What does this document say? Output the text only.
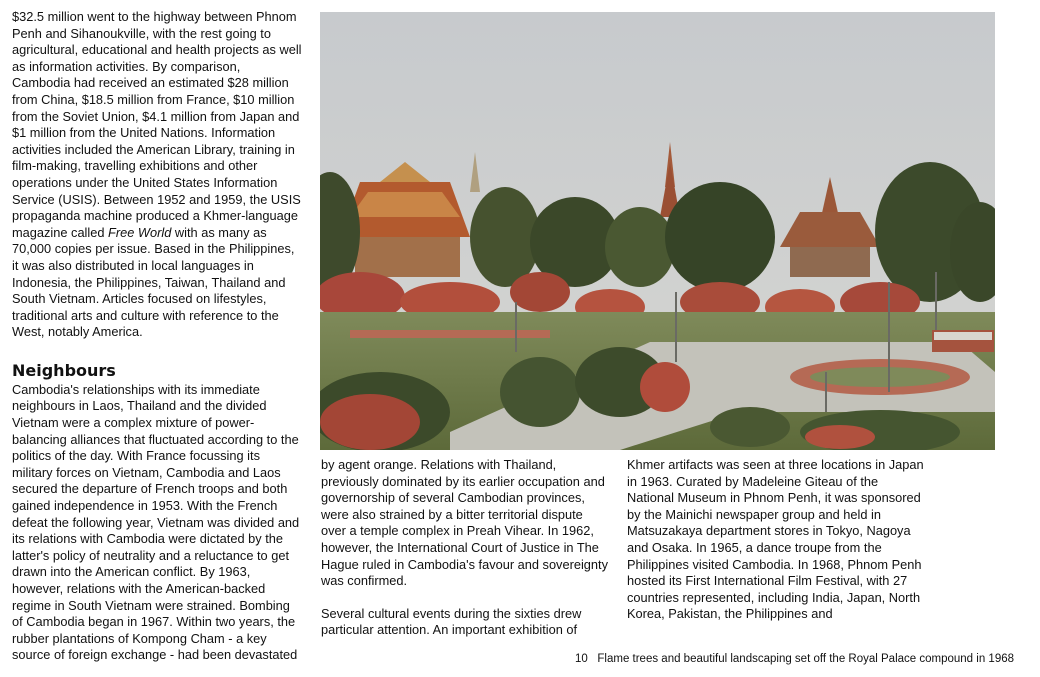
$32.5 million went to the highway between Phnom Penh and Sihanoukville, with the rest going to agricultural, educational and health projects as well as information activities. By comparison, Cambodia had received an estimated $28 million from China, $18.5 million from France, $10 million from the Soviet Union, $4.1 million from Japan and $1 million from the United Nations. Information activities included the American Library, training in film-making, travelling exhibitions and other operations under the United States Information Service (USIS). Between 1952 and 1959, the USIS propaganda machine produced a Khmer-language magazine called Free World with as many as 70,000 copies per issue. Based in the Philippines, it was also distributed in local languages in Indonesia, the Philippines, Taiwan, Thailand and South Vietnam. Articles focused on lifestyles, traditional arts and culture with reference to the West, notably America.

Neighbours

Cambodia's relationships with its immediate neighbours in Laos, Thailand and the divided Vietnam were a complex mixture of power-balancing alliances that fluctuated according to the politics of the day. With France focussing its military forces on Vietnam, Cambodia and Laos secured the departure of French troops and both gained independence in 1953. With the French defeat the following year, Vietnam was divided and its relations with Cambodia were dictated by the latter's policy of neutrality and a reluctance to get drawn into the American conflict. By 1963, however, relations with the American-backed regime in South Vietnam were strained. Bombing of Cambodia began in 1967. Within two years, the rubber plantations of Kompong Cham - a key source of foreign exchange - had been devastated

by agent orange. Relations with Thailand, previously dominated by its earlier occupation and governorship of several Cambodian provinces, were also strained by a bitter territorial dispute over a temple complex in Preah Vihear. In 1962, however, the International Court of Justice in The Hague ruled in Cambodia's favour and sovereignty was confirmed.

Several cultural events during the sixties drew particular attention. An important exhibition of

Khmer artifacts was seen at three locations in Japan in 1963. Curated by Madeleine Giteau of the National Museum in Phnom Penh, it was sponsored by the Mainichi newspaper group and held in Matsuzakaya department stores in Tokyo, Nagoya and Osaka. In 1965, a dance troupe from the Philippines visited Cambodia. In 1968, Phnom Penh hosted its First International Film Festival, with 27 countries represented, including India, Japan, North Korea, Pakistan, the Philippines and

10 Flame trees and beautiful landscaping set off the Royal Palace compound in 1968
